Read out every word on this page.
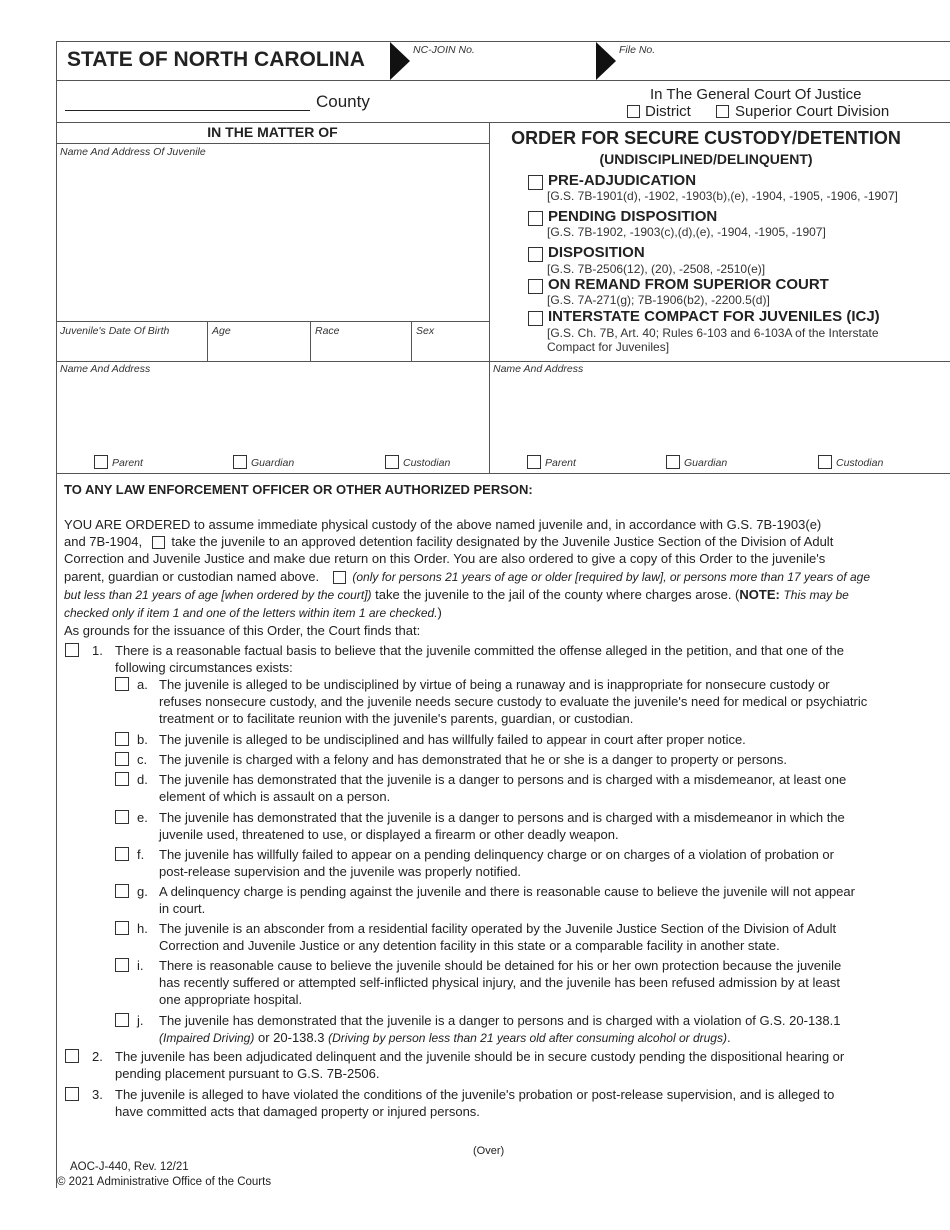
STATE OF NORTH CAROLINA	NC-JOIN No.	File No.
County	In The General Court Of Justice
District	Superior Court Division
IN THE MATTER OF
Name And Address Of Juvenile
Juvenile's Date Of Birth	Age	Race	Sex
ORDER FOR SECURE CUSTODY/DETENTION
(UNDISCIPLINED/DELINQUENT)
PRE-ADJUDICATION
[G.S. 7B-1901(d), -1902, -1903(b),(e), -1904, -1905, -1906, -1907]
PENDING DISPOSITION
[G.S. 7B-1902, -1903(c),(d),(e), -1904, -1905, -1907]
DISPOSITION
[G.S. 7B-2506(12), (20), -2508, -2510(e)]
ON REMAND FROM SUPERIOR COURT
[G.S. 7A-271(g); 7B-1906(b2), -2200.5(d)]
INTERSTATE COMPACT FOR JUVENILES (ICJ)
[G.S. Ch. 7B, Art. 40; Rules 6-103 and 6-103A of the Interstate
Compact for Juveniles]
Name And Address	Name And Address
Parent	Guardian	Custodian	Parent	Guardian	Custodian
TO ANY LAW ENFORCEMENT OFFICER OR OTHER AUTHORIZED PERSON:
YOU ARE ORDERED to assume immediate physical custody of the above named juvenile and, in accordance with G.S. 7B-1903(e)
and 7B-1904, take the juvenile to an approved detention facility designated by the Juvenile Justice Section of the Division of Adult
Correction and Juvenile Justice and make due return on this Order. You are also ordered to give a copy of this Order to the juvenile's
parent, guardian or custodian named above.	(only for persons 21 years of age or older [required by law], or persons more than 17 years of age
but less than 21 years of age [when ordered by the court]) take the juvenile to the jail of the county where charges arose. (NOTE: This may be
checked only if item 1 and one of the letters within item 1 are checked.)
As grounds for the issuance of this Order, the Court finds that:
1. There is a reasonable factual basis to believe that the juvenile committed the offense alleged in the petition, and that one of the
following circumstances exists:
a. The juvenile is alleged to be undisciplined by virtue of being a runaway and is inappropriate for nonsecure custody or
refuses nonsecure custody, and the juvenile needs secure custody to evaluate the juvenile's need for medical or psychiatric
treatment or to facilitate reunion with the juvenile's parents, guardian, or custodian.
b. The juvenile is alleged to be undisciplined and has willfully failed to appear in court after proper notice.
c. The juvenile is charged with a felony and has demonstrated that he or she is a danger to property or persons.
d. The juvenile has demonstrated that the juvenile is a danger to persons and is charged with a misdemeanor, at least one
element of which is assault on a person.
e. The juvenile has demonstrated that the juvenile is a danger to persons and is charged with a misdemeanor in which the
juvenile used, threatened to use, or displayed a firearm or other deadly weapon.
f. The juvenile has willfully failed to appear on a pending delinquency charge or on charges of a violation of probation or
post-release supervision and the juvenile was properly notified.
g. A delinquency charge is pending against the juvenile and there is reasonable cause to believe the juvenile will not appear
in court.
h. The juvenile is an absconder from a residential facility operated by the Juvenile Justice Section of the Division of Adult
Correction and Juvenile Justice or any detention facility in this state or a comparable facility in another state.
i. There is reasonable cause to believe the juvenile should be detained for his or her own protection because the juvenile
has recently suffered or attempted self-inflicted physical injury, and the juvenile has been refused admission by at least
one appropriate hospital.
j. The juvenile has demonstrated that the juvenile is a danger to persons and is charged with a violation of G.S. 20-138.1
(Impaired Driving) or 20-138.3 (Driving by person less than 21 years old after consuming alcohol or drugs).
2. The juvenile has been adjudicated delinquent and the juvenile should be in secure custody pending the dispositional hearing or
pending placement pursuant to G.S. 7B-2506.
3. The juvenile is alleged to have violated the conditions of the juvenile's probation or post-release supervision, and is alleged to
have committed acts that damaged property or injured persons.
(Over)
AOC-J-440, Rev. 12/21
© 2021 Administrative Office of the Courts
